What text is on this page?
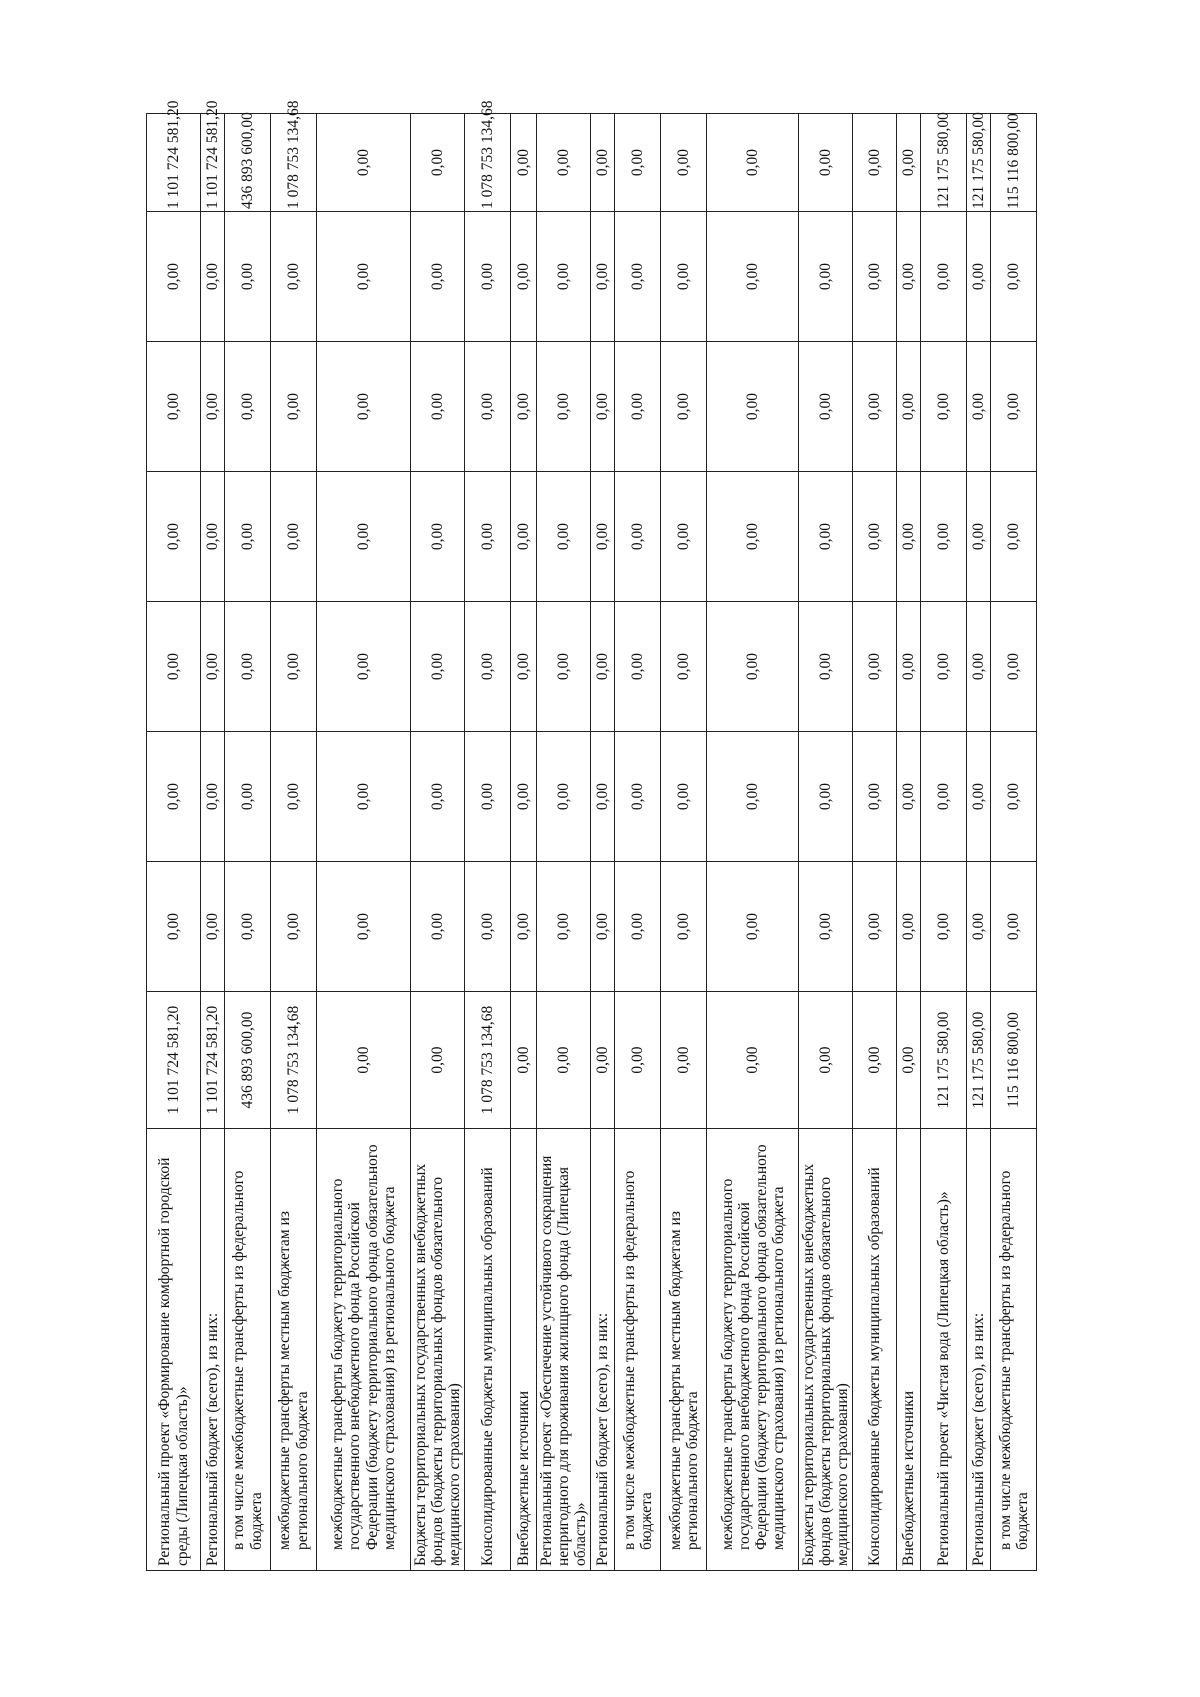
Региональный проект «Формирование комфортной городской среды (Липецкая область)»	1 101 724 581,20	0,00	0,00	0,00	0,00	0,00	0,00	1 101 724 581,20
Региональный бюджет (всего), из них:	1 101 724 581,20	0,00	0,00	0,00	0,00	0,00	0,00	1 101 724 581,20
в том числе межбюджетные трансферты из федерального бюджета	436 893 600,00	0,00	0,00	0,00	0,00	0,00	0,00	436 893 600,00
межбюджетные трансферты местным бюджетам из регионального бюджета	1 078 753 134,68	0,00	0,00	0,00	0,00	0,00	0,00	1 078 753 134,68
межбюджетные трансферты бюджету территориального государственного внебюджетного фонда Российской Федерации (бюджету территориального фонда обязательного медицинского страхования) из регионального бюджета	0,00	0,00	0,00	0,00	0,00	0,00	0,00	0,00
Бюджеты территориальных государственных внебюджетных фондов (бюджеты территориальных фондов обязательного медицинского страхования)	0,00	0,00	0,00	0,00	0,00	0,00	0,00	0,00
Консолидированные бюджеты муниципальных образований	1 078 753 134,68	0,00	0,00	0,00	0,00	0,00	0,00	1 078 753 134,68
Внебюджетные источники	0,00	0,00	0,00	0,00	0,00	0,00	0,00	0,00
Региональный проект «Обеспечение устойчивого сокращения непригодного для проживания жилищного фонда (Липецкая область)»	0,00	0,00	0,00	0,00	0,00	0,00	0,00	0,00
Региональный бюджет (всего), из них:	0,00	0,00	0,00	0,00	0,00	0,00	0,00	0,00
в том числе межбюджетные трансферты из федерального бюджета	0,00	0,00	0,00	0,00	0,00	0,00	0,00	0,00
межбюджетные трансферты местным бюджетам из регионального бюджета	0,00	0,00	0,00	0,00	0,00	0,00	0,00	0,00
межбюджетные трансферты бюджету территориального государственного внебюджетного фонда Российской Федерации (бюджету территориального фонда обязательного медицинского страхования) из регионального бюджета	0,00	0,00	0,00	0,00	0,00	0,00	0,00	0,00
Бюджеты территориальных государственных внебюджетных фондов (бюджеты территориальных фондов обязательного медицинского страхования)	0,00	0,00	0,00	0,00	0,00	0,00	0,00	0,00
Консолидированные бюджеты муниципальных образований	0,00	0,00	0,00	0,00	0,00	0,00	0,00	0,00
Внебюджетные источники	0,00	0,00	0,00	0,00	0,00	0,00	0,00	0,00
Региональный проект «Чистая вода (Липецкая область)»	121 175 580,00	0,00	0,00	0,00	0,00	0,00	0,00	121 175 580,00
Региональный бюджет (всего), из них:	121 175 580,00	0,00	0,00	0,00	0,00	0,00	0,00	121 175 580,00
в том числе межбюджетные трансферты из федерального бюджета	115 116 800,00	0,00	0,00	0,00	0,00	0,00	0,00	115 116 800,00
